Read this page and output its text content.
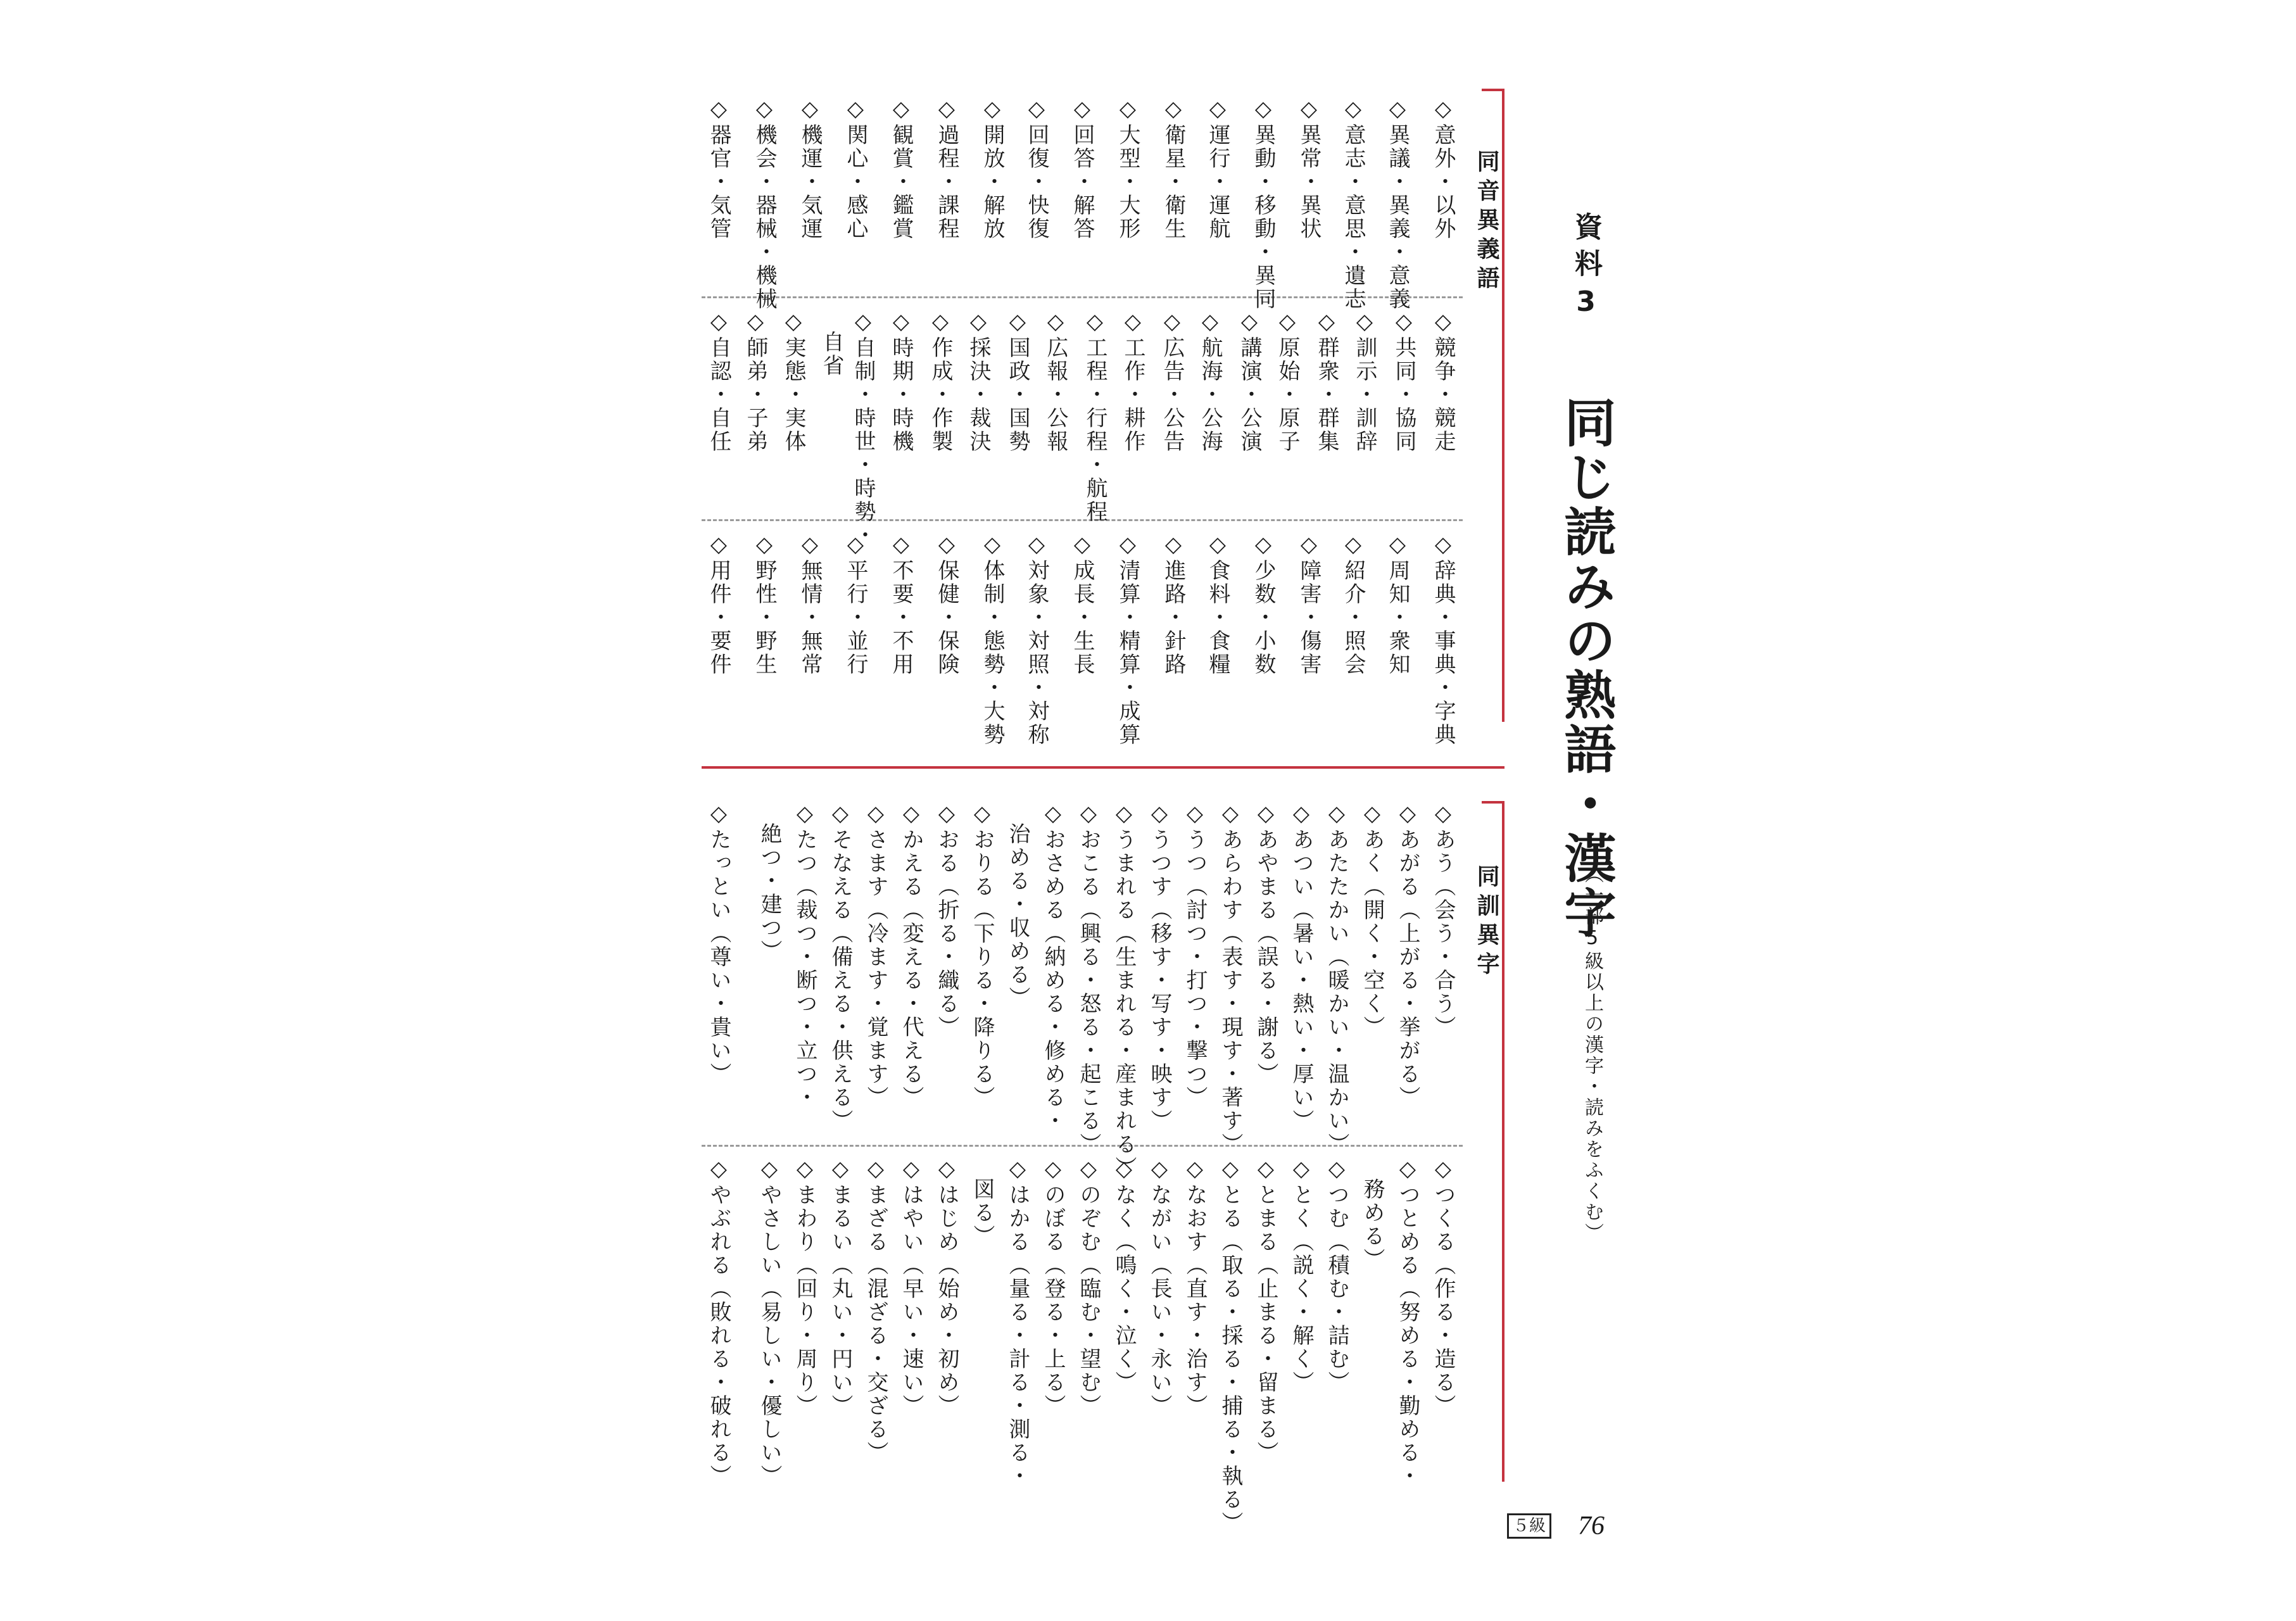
資料3
同じ読みの熟語・漢字
（一部5級以上の漢字・読みをふくむ）
同音異義語
同訓異字
◇意外・以外
◇異議・異義・意義
◇意志・意思・遺志
◇異常・異状
◇異動・移動・異同
◇運行・運航
◇衛星・衛生
◇大型・大形
◇回答・解答
◇回復・快復
◇開放・解放
◇過程・課程
◇観賞・鑑賞
◇関心・感心
◇機運・気運
◇機会・器械・機械
◇器官・気管
◇競争・競走
◇共同・協同
◇訓示・訓辞
◇群衆・群集
◇原始・原子
◇講演・公演
◇航海・公海
◇広告・公告
◇工作・耕作
◇工程・行程・航程
◇広報・公報
◇国政・国勢
◇採決・裁決
◇作成・作製
◇時期・時機
◇自制・時世・時勢・
自省
◇実態・実体
◇師弟・子弟
◇自認・自任
◇辞典・事典・字典
◇周知・衆知
◇紹介・照会
◇障害・傷害
◇少数・小数
◇食料・食糧
◇進路・針路
◇清算・精算・成算
◇成長・生長
◇対象・対照・対称
◇体制・態勢・大勢
◇保健・保険
◇不要・不用
◇平行・並行
◇無情・無常
◇野性・野生
◇用件・要件
◇あう（会う・合う）
◇あがる（上がる・挙がる）
◇あく（開く・空く）
◇あたたかい（暖かい・温かい）
◇あつい（暑い・熱い・厚い）
◇あやまる（誤る・謝る）
◇あらわす（表す・現す・著す）
◇うつ（討つ・打つ・撃つ）
◇うつす（移す・写す・映す）
◇うまれる（生まれる・産まれる）
◇おこる（興る・怒る・起こる）
◇おさめる（納める・修める・
治める・収める）
◇おりる（下りる・降りる）
◇おる（折る・織る）
◇かえる（変える・代える）
◇さます（冷ます・覚ます）
◇そなえる（備える・供える）
◇たつ（裁つ・断つ・立つ・
絶つ・建つ）
◇たっとい（尊い・貴い）
◇つくる（作る・造る）
◇つとめる（努める・勤める・
務める）
◇つむ（積む・詰む）
◇とく（説く・解く）
◇とまる（止まる・留まる）
◇とる（取る・採る・捕る・執る）
◇なおす（直す・治す）
◇ながい（長い・永い）
◇なく（鳴く・泣く）
◇のぞむ（臨む・望む）
◇のぼる（登る・上る）
◇はかる（量る・計る・測る・
図る）
◇はじめ（始め・初め）
◇はやい（早い・速い）
◇まざる（混ざる・交ざる）
◇まるい（丸い・円い）
◇まわり（回り・周り）
◇やさしい（易しい・優しい）
◇やぶれる（敗れる・破れる）
５級 76
